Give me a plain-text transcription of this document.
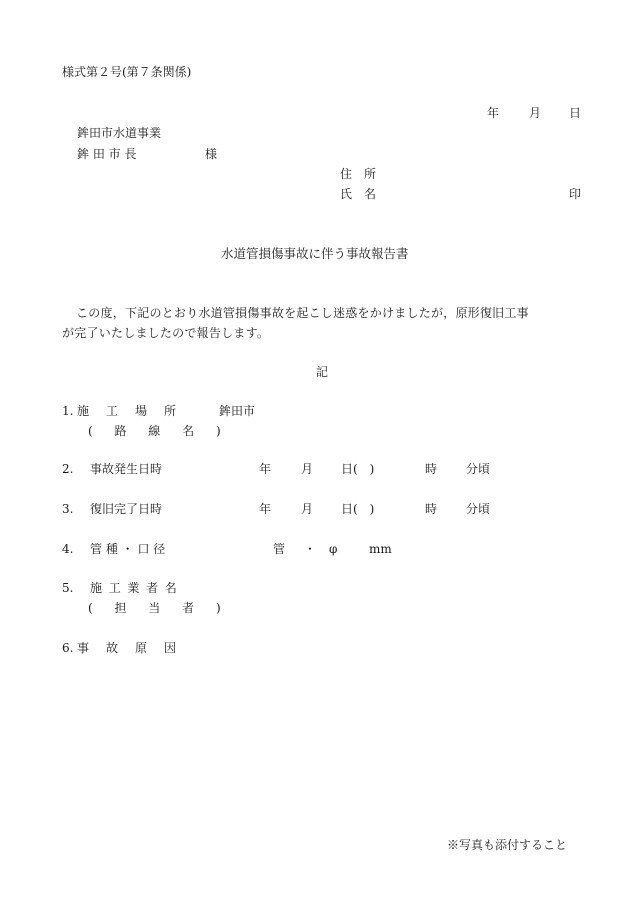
様式第２号(第７条関係)
年 月 日
鉾田市水道事業
鉾 田 市 長	様
住　所
氏　名	印
水道管損傷事故に伴う事故報告書
この度，下記のとおり水道管損傷事故を起こし迷惑をかけましたが，原形復旧工事
が完了いたしましたので報告します。
記
1. 施 工 場 所	鉾田市
( 路 線 名 )
2. 事故発生日時	年 月 日(　)	時 分頃
3. 復旧完了日時	年 月 日(　)	時 分頃
4. 管 種 ・ 口 径	管 ・ φ	mm
5. 施 工 業 者 名
( 担 当 者 )
6. 事 故 原 因
※写真も添付すること
